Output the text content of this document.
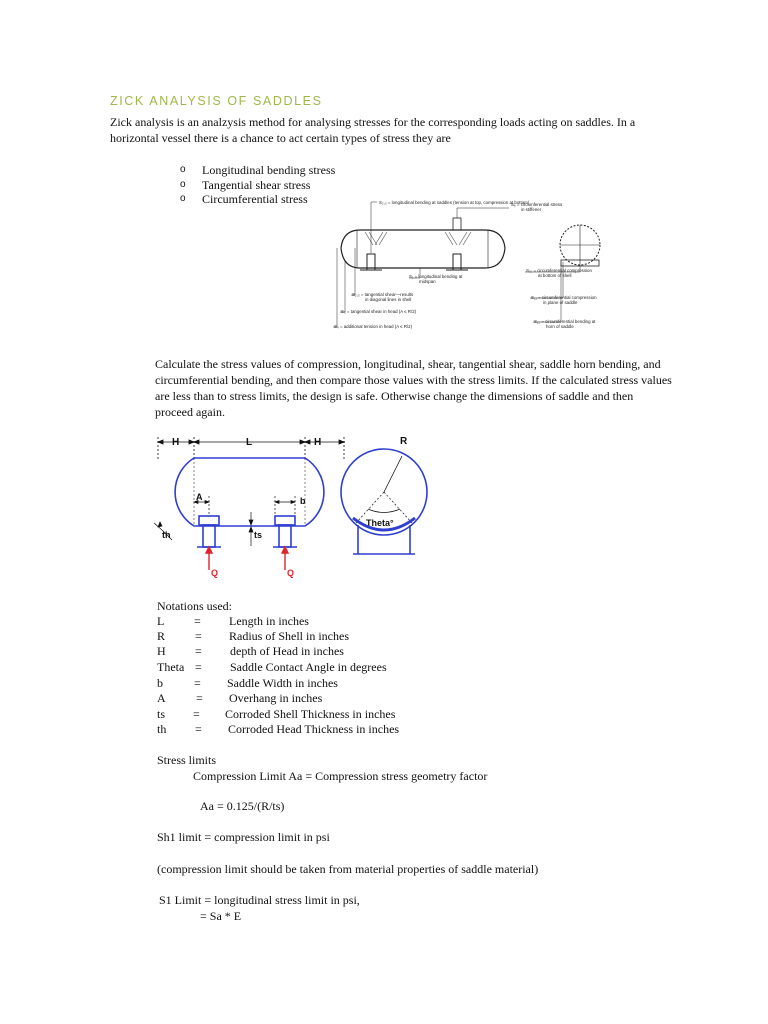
ZICK ANALYSIS OF SADDLES
Zick analysis is an analzysis method for analysing stresses for the corresponding loads acting on saddles. In a
horizontal vessel there is a chance to act certain types of stress they are
o Longitudinal bending stress
o Tangential shear stress
o Circumferential stress	S₂,₃ = longitudinal bending at saddles (tension at top, compression at bottom)
S₆ = circumferential stress
in stiffener
S₁ = longitudinal bending at
midspan
S₂,₃ = tangential shear—results
in diagonal lines in shell
S₃ = tangential shear in head (A ≤ R/2)
S₄ = additional tension in head (A ≤ R/2)
S₁₀ = circumferential compression
at bottom of shell
S₁₁ = circumferential compression
in plane of saddle
S₁₂ = circumferential bending at
horn of saddle
Calculate the stress values of compression, longitudinal, shear, tangential shear, saddle horn bending, and
circumferential bending, and then compare those values with the stress limits. If the calculated stress values
are less than to stress limits, the design is safe. Otherwise change the dimensions of saddle and then
proceed again.
H	L	H
A	b
th	ts
Q	Q
R
Theta°
Notations used:
L = Length in inches
R = Radius of Shell in inches
H = depth of Head in inches
Theta = Saddle Contact Angle in degrees
b	= Saddle Width in inches
A	= Overhang in inches
ts = Corroded Shell Thickness in inches
th = Corroded Head Thickness in inches
Stress limits
Compression Limit Aa = Compression stress geometry factor
Aa = 0.125/(R/ts)
Sh1 limit = compression limit in psi
(compression limit should be taken from material properties of saddle material)
S1 Limit = longitudinal stress limit in psi,
= Sa * E
